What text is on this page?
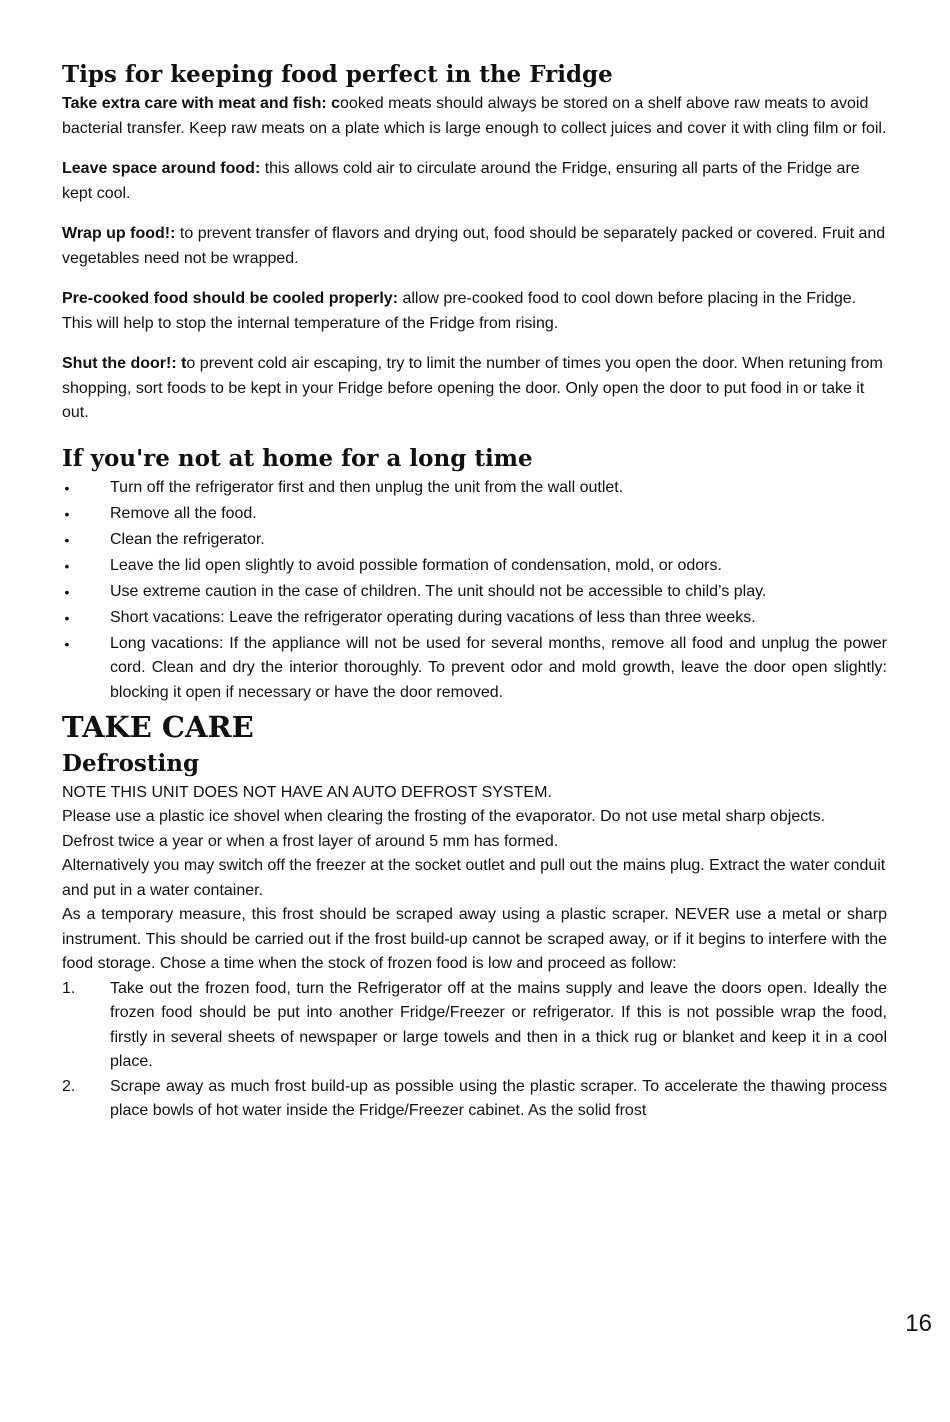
Tips for keeping food perfect in the Fridge

Take extra care with meat and fish: cooked meats should always be stored on a shelf above raw meats to avoid bacterial transfer. Keep raw meats on a plate which is large enough to collect juices and cover it with cling film or foil.

Leave space around food: this allows cold air to circulate around the Fridge, ensuring all parts of the Fridge are kept cool.

Wrap up food!: to prevent transfer of flavors and drying out, food should be separately packed or covered. Fruit and vegetables need not be wrapped.

Pre-cooked food should be cooled properly: allow pre-cooked food to cool down before placing in the Fridge. This will help to stop the internal temperature of the Fridge from rising.

Shut the door!: to prevent cold air escaping, try to limit the number of times you open the door. When retuning from shopping, sort foods to be kept in your Fridge before opening the door. Only open the door to put food in or take it out.

If you're not at home for a long time
•	Turn off the refrigerator first and then unplug the unit from the wall outlet.
•	Remove all the food.
•	Clean the refrigerator.
•	Leave the lid open slightly to avoid possible formation of condensation, mold, or odors.
•	Use extreme caution in the case of children. The unit should not be accessible to child’s play.
•	Short vacations: Leave the refrigerator operating during vacations of less than three weeks.
•	Long vacations: If the appliance will not be used for several months, remove all food and unplug the power cord. Clean and dry the interior thoroughly. To prevent odor and mold growth, leave the door open slightly: blocking it open if necessary or have the door removed.
TAKE CARE
Defrosting

NOTE THIS UNIT DOES NOT HAVE AN AUTO DEFROST SYSTEM.

Please use a plastic ice shovel when clearing the frosting of the evaporator. Do not use metal sharp objects.

Defrost twice a year or when a frost layer of around 5 mm has formed.

Alternatively you may switch off the freezer at the socket outlet and pull out the mains plug. Extract the water conduit and put in a water container.

As a temporary measure, this frost should be scraped away using a plastic scraper. NEVER use a metal or sharp instrument. This should be carried out if the frost build-up cannot be scraped away, or if it begins to interfere with the food storage. Chose a time when the stock of frozen food is low and proceed as follow:

1. Take out the frozen food, turn the Refrigerator off at the mains supply and leave the doors open. Ideally the frozen food should be put into another Fridge/Freezer or refrigerator. If this is not possible wrap the food, firstly in several sheets of newspaper or large towels and then in a thick rug or blanket and keep it in a cool place.
2. Scrape away as much frost build-up as possible using the plastic scraper. To accelerate the thawing process place bowls of hot water inside the Fridge/Freezer cabinet. As the solid frost
16
